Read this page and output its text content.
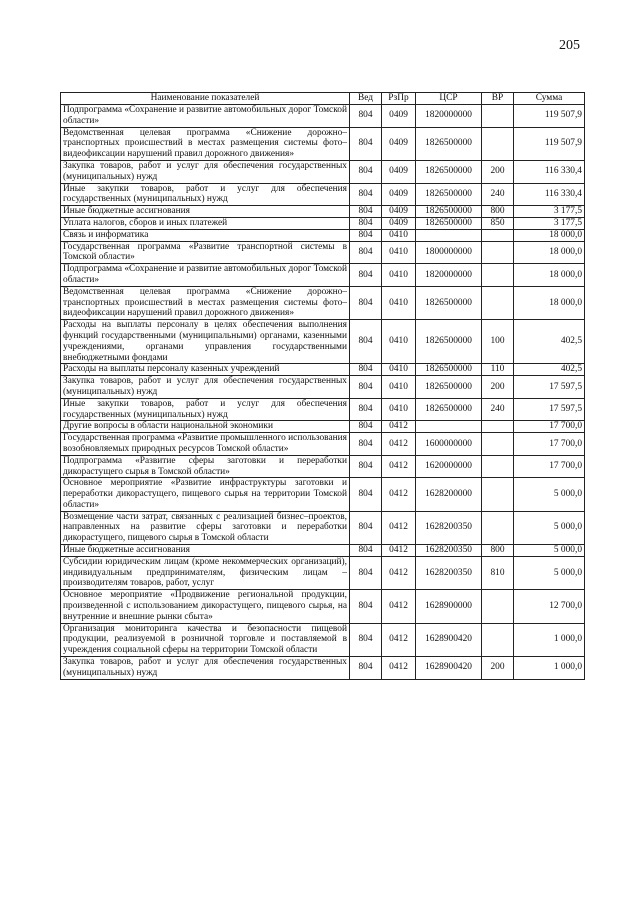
205
Наименование показателей	Вед	РзПр	ЦСР	ВР	Сумма
Подпрограмма «Сохранение и развитие автомобильных дорог Томской области»	804	0409	1820000000		119 507,9
Ведомственная целевая программа «Снижение дорожно–транспортных происшествий в местах размещения системы фото–видеофиксации нарушений правил дорожного движения»	804	0409	1826500000		119 507,9
Закупка товаров, работ и услуг для обеспечения государственных (муниципальных) нужд	804	0409	1826500000	200	116 330,4
Иные закупки товаров, работ и услуг для обеспечения государственных (муниципальных) нужд	804	0409	1826500000	240	116 330,4
Иные бюджетные ассигнования	804	0409	1826500000	800	3 177,5
Уплата налогов, сборов и иных платежей	804	0409	1826500000	850	3 177,5
Связь и информатика	804	0410			18 000,0
Государственная программа «Развитие транспортной системы в Томской области»	804	0410	1800000000		18 000,0
Подпрограмма «Сохранение и развитие автомобильных дорог Томской области»	804	0410	1820000000		18 000,0
Ведомственная целевая программа «Снижение дорожно–транспортных происшествий в местах размещения системы фото–видеофиксации нарушений правил дорожного движения»	804	0410	1826500000		18 000,0
Расходы на выплаты персоналу в целях обеспечения выполнения функций государственными (муниципальными) органами, казенными учреждениями, органами управления государственными внебюджетными фондами	804	0410	1826500000	100	402,5
Расходы на выплаты персоналу казенных учреждений	804	0410	1826500000	110	402,5
Закупка товаров, работ и услуг для обеспечения государственных (муниципальных) нужд	804	0410	1826500000	200	17 597,5
Иные закупки товаров, работ и услуг для обеспечения государственных (муниципальных) нужд	804	0410	1826500000	240	17 597,5
Другие вопросы в области национальной экономики	804	0412			17 700,0
Государственная программа «Развитие промышленного использования возобновляемых природных ресурсов Томской области»	804	0412	1600000000		17 700,0
Подпрограмма «Развитие сферы заготовки и переработки дикорастущего сырья в Томской области»	804	0412	1620000000		17 700,0
Основное мероприятие «Развитие инфраструктуры заготовки и переработки дикорастущего, пищевого сырья на территории Томской области»	804	0412	1628200000		5 000,0
Возмещение части затрат, связанных с реализацией бизнес–проектов, направленных на развитие сферы заготовки и переработки дикорастущего, пищевого сырья в Томской области	804	0412	1628200350		5 000,0
Иные бюджетные ассигнования	804	0412	1628200350	800	5 000,0
Субсидии юридическим лицам (кроме некоммерческих организаций), индивидуальным предпринимателям, физическим лицам – производителям товаров, работ, услуг	804	0412	1628200350	810	5 000,0
Основное мероприятие «Продвижение региональной продукции, произведенной с использованием дикорастущего, пищевого сырья, на внутренние и внешние рынки сбыта»	804	0412	1628900000		12 700,0
Организация мониторинга качества и безопасности пищевой продукции, реализуемой в розничной торговле и поставляемой в учреждения социальной сферы на территории Томской области	804	0412	1628900420		1 000,0
Закупка товаров, работ и услуг для обеспечения государственных (муниципальных) нужд	804	0412	1628900420	200	1 000,0
